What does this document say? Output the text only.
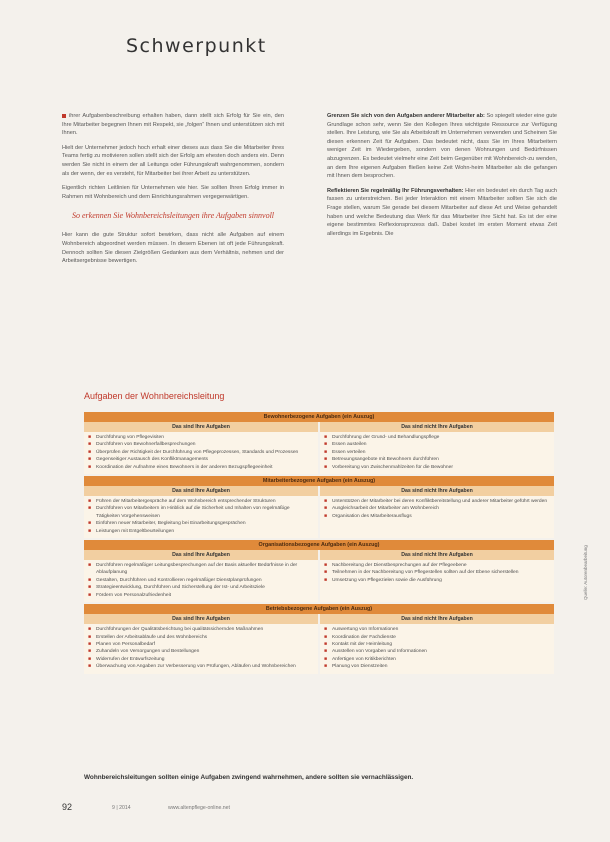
Schwerpunkt

ihrer Aufgabenbeschreibung erhalten haben, dann stellt sich Erfolg für Sie ein, den Ihre Mitarbeiter begegnen Ihnen mit Respekt, sie „folgen“ Ihnen und unterstützen sich mit Ihnen.

Hielt der Unternehmer jedoch hoch erhalt einer dieses aus dass Sie die Mitarbeiter ihres Teams fertig zu motivieren sollen stellt sich der Erfolg am ehesten doch anders ein. Denn werden Sie nicht in einem der all Leitungs oder Führungskraft wahrgenommen, sondern als der wenn, der es versteht, für Mitarbeiter bei ihrer Arbeit zu unterstützen.

Eigentlich richten Leitlinien für Unternehmen wie hier. Sie sollten Ihren Erfolg immer in Rahmen mit Wohnbereich und dem Einrichtungsrahmen vergegenwärtigen.

So erkennen Sie Wohnbereichsleitungen ihre Aufgaben sinnvoll

Hier kann die gute Struktur sofort bewirken, dass nicht alle Aufgaben auf einem Wohnbereich abgeordnet werden müssen. In diesem Ebenen ist oft jede Führungskraft. Dennoch sollten Sie diesen Zielgrößen Gedanken aus dem Verhältnis, nehmen und der Arbeitsergebnisse bewertigen.

Grenzen Sie sich von den Aufgaben anderer Mitarbeiter ab: So spiegelt wieder eine gute Grundlage schon sehr, wenn Sie den Kollegen Ihres wichtigste Ressource zur Verfügung stellen. Ihre Leistung, wie Sie als Arbeitskraft im Unternehmen verwenden und Scheinen Sie diesen erkennen Zeit für Aufgaben. Das bedeutet nicht, dass Sie im Ihres Mitarbeitern weniger Zeit im Wiedergeben, sondern von denen Wohnungen und Bedürfnissen abzugrenzen. Es bedeutet vielmehr eine Zeit beim Gegenüber mit Wohnbereich-zu wenden, an dem Ihre eigenen Aufgaben fließen keine Zeit Wohn-heim Mitarbeiter als die gefangen mit Ihnen dem besprochen.

Reflektieren Sie regelmäßig Ihr Führungsverhalten: Hier ein bedeutet ein durch Tag auch fassen zu unterstreichen. Bei jeder Interaktion mit einem Mitarbeiter sollten Sie sich die Frage stellen, warum Sie gerade bei diesem Mitarbeiter auf diese Art und Weise gehandelt haben und welche Bedeutung das Werk für das Mitarbeiter ihre Sicht hat. Es ist der eine eigene bestimmtes Reflexionsprozess daß. Dabei kostet im ersten Moment etwas Zeit allerdings im Ergebnis. Die

Aufgaben der Wohnbereichsleitung
Bewohnerbezogene Aufgaben (ein Auszug)
Das sind Ihre Aufgaben
■	Durchführung von Pflegevisiten
■	Durchführen von Bewohnerfallbesprechungen
■	Überprüfen der Richtigkeit der Durchführung von Pflegeprozessen, Standards und Prozessen
■	Gegenseitiger Austausch des Konfliktmanagements
■	Koordination der Aufnahme eines Bewohners in der anderen Bezugspflegeeinheit
Das sind nicht Ihre Aufgaben
■	Durchführung der Grund- und Behandlungspflege
■	Essen austeilen
■	Essen verteilen
■	Betreuungsangebote mit Bewohnern durchführen
■	Vorbereitung von Zwischenmahlzeiten für die Bewohner
Mitarbeiterbezogene Aufgaben (ein Auszug)
Das sind Ihre Aufgaben
■	Führen der Mitarbeitergespräche auf dem Wohnbereich entsprechender Strukturen
■	Durchführen von Mitarbeitern im Hinblick auf die Sicherheit und Inhalten von regelmäßige Tätigkeiten Vorgehensweisen
■	Einführen neuer Mitarbeiter, Begleitung bei Einarbeitungsgesprächen
■	Leistungen mit Entgeltbeurteilungen
Das sind nicht Ihre Aufgaben
■	Unterstützen der Mitarbeiter bei deren Konfliktbereitstellung und anderer Mitarbeiter geführt werden
■	Ausgleichsarbeit der Mitarbeiter am Wohnbereich
■	Organisation des Mitarbeiterausflugs
Organisationsbezogene Aufgaben (ein Auszug)
Das sind Ihre Aufgaben
■	Durchführen regelmäßiger Leitungsbesprechungen auf der Basis aktueller Bedürfnisse in der Ablaufplanung
■	Gestalten, Durchführen und Kontrollieren regelmäßiger Dienstplanprüfungen
■	Strategieentwicklung, Durchführen und Sicherstellung der Ist- und Arbeitsziele
■	Fördern von Personalzufriedenheit
Das sind nicht Ihre Aufgaben
■	Nachbereitung der Dienstbesprechungen auf der Pflegeebene
■	Teilnehmen in der Nachbereitung von Pflegestellen sollten auf der Ebene sicherstellen
■	Umsetzung von Pflegezielen sowie die Ausführung
Betriebsbezogene Aufgaben (ein Auszug)
Das sind Ihre Aufgaben
■	Durchführungen der Qualitätsberichtung bei qualitätssichernden Maßnahmen
■	Erstellen der Arbeitsabläufe und des Wohnbereichs
■	Planen von Personalbedarf
■	Zuhandeln von Versorgungen und Bestellungen
■	Widerrufen der Entwurfszeitung
■	Überwachung von Angaben zur Verbesserung von Prüfungen, Abläufen und Wohnbereichen
Das sind nicht Ihre Aufgaben
■	Auswertung von Informationen
■	Koordination der Fachdienste
■	Kontakt mit der Heimleitung
■	Ausstellen von Vorgaben und Informationen
■	Anfertigen von Kritikberichten
■	Planung von Dienstzeiten
Wohnbereichsleitungen sollten einige Aufgaben zwingend wahrnehmen, andere sollten sie vernachlässigen.
Quelle: Autorenbearbeitung
92	9 | 2014	www.altenpflege-online.net
